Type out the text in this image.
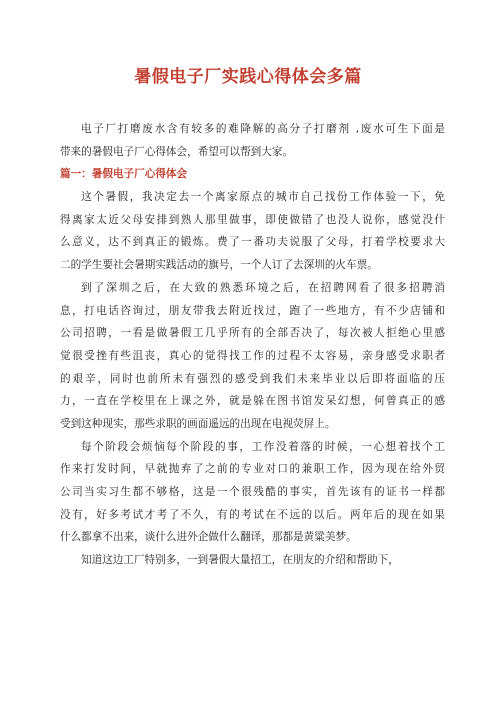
暑假电子厂实践心得体会多篇
电子厂打磨废水含有较多的难降解的高分子打磨剂 ,废水可生下面是
带来的暑假电子厂心得体会，希望可以帮到大家。
篇一：暑假电子厂心得体会
这个暑假，我决定去一个离家原点的城市自己找份工作体验一下，免
得离家太近父母安排到熟人那里做事，即使做错了也没人说你，感觉没什
么意义，达不到真正的锻炼。费了一番功夫说服了父母，打着学校要求大
二的学生要社会暑期实践活动的旗号，一个人订了去深圳的火车票。
到了深圳之后，在大致的熟悉环境之后，在招聘网看了很多招聘消
息，打电话咨询过，朋友带我去附近找过，跑了一些地方，有不少店铺和
公司招聘，一看是做暑假工几乎所有的全部否决了，每次被人拒绝心里感
觉很受挫有些沮丧，真心的觉得找工作的过程不太容易，亲身感受求职者
的艰辛，同时也前所未有强烈的感受到我们未来毕业以后即将面临的压
力，一直在学校里在上课之外，就是躲在图书馆发呆幻想，何曾真正的感
受到这种现实，那些求职的画面遥远的出现在电视荧屏上。
每个阶段会烦恼每个阶段的事，工作没着落的时候，一心想着找个工
作来打发时间，早就抛弃了之前的专业对口的兼职工作，因为现在给外贸
公司当实习生都不够格，这是一个很残酷的事实，首先该有的证书一样都
没有，好多考试才考了不久，有的考试在不远的以后。两年后的现在如果
什么都拿不出来，谈什么进外企做什么翻译，那都是黄粱美梦。
知道这边工厂特别多，一到暑假大量招工，在朋友的介绍和帮助下，
